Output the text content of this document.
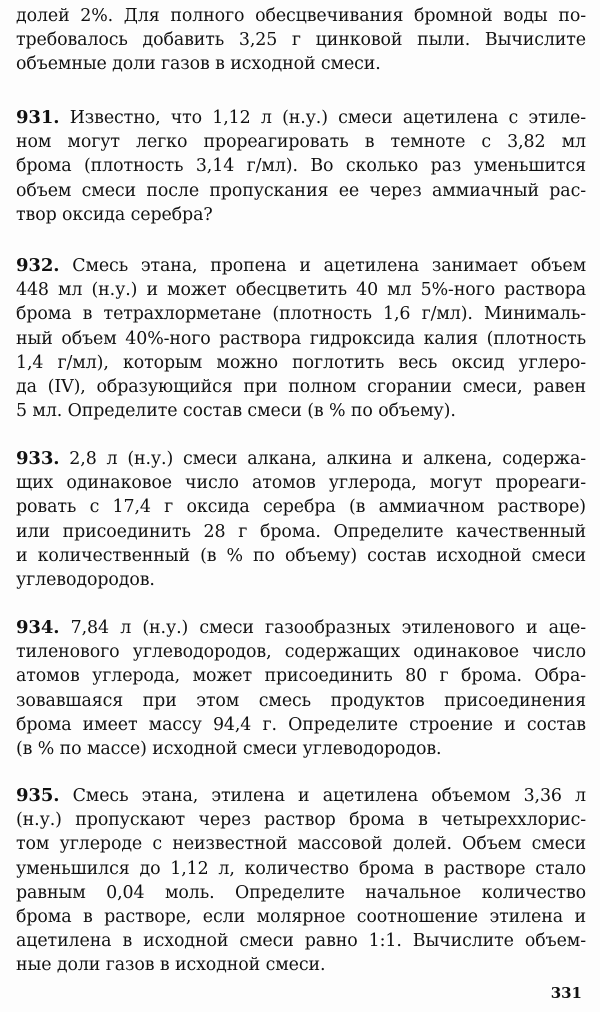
долей 2%. Для полного обесцвечивания бромной воды по-
требовалось добавить 3,25 г цинковой пыли. Вычислите
объемные доли газов в исходной смеси.
931. Известно, что 1,12 л (н.у.) смеси ацетилена с этиле-
ном могут легко прореагировать в темноте с 3,82 мл
брома (плотность 3,14 г/мл). Во сколько раз уменьшится
объем смеси после пропускания ее через аммиачный рас-
твор оксида серебра?
932. Смесь этана, пропена и ацетилена занимает объем
448 мл (н.у.) и может обесцветить 40 мл 5%-ного раствора
брома в тетрахлорметане (плотность 1,6 г/мл). Минималь-
ный объем 40%-ного раствора гидроксида калия (плотность
1,4 г/мл), которым можно поглотить весь оксид углеро-
да (IV), образующийся при полном сгорании смеси, равен
5 мл. Определите состав смеси (в % по объему).
933. 2,8 л (н.у.) смеси алкана, алкина и алкена, содержа-
щих одинаковое число атомов углерода, могут прореаги-
ровать с 17,4 г оксида серебра (в аммиачном растворе)
или присоединить 28 г брома. Определите качественный
и количественный (в % по объему) состав исходной смеси
углеводородов.
934. 7,84 л (н.у.) смеси газообразных этиленового и аце-
тиленового углеводородов, содержащих одинаковое число
атомов углерода, может присоединить 80 г брома. Обра-
зовавшаяся при этом смесь продуктов присоединения
брома имеет массу 94,4 г. Определите строение и состав
(в % по массе) исходной смеси углеводородов.
935. Смесь этана, этилена и ацетилена объемом 3,36 л
(н.у.) пропускают через раствор брома в четыреххлорис-
том углероде с неизвестной массовой долей. Объем смеси
уменьшился до 1,12 л, количество брома в растворе стало
равным 0,04 моль. Определите начальное количество
брома в растворе, если молярное соотношение этилена и
ацетилена в исходной смеси равно 1:1. Вычислите объем-
ные доли газов в исходной смеси.
331
